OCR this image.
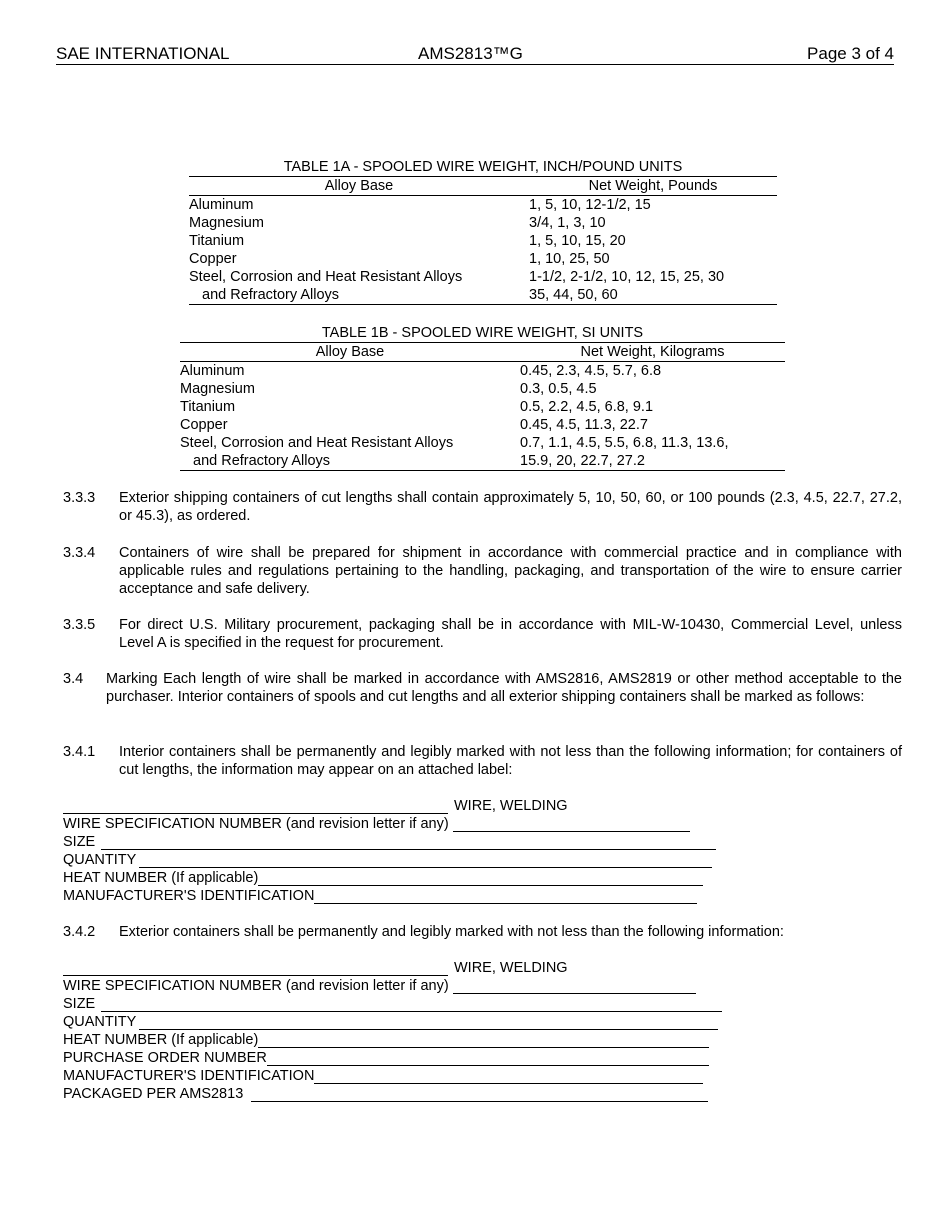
SAE INTERNATIONAL	AMS2813™G	Page 3 of 4
TABLE 1A - SPOOLED WIRE WEIGHT, INCH/POUND UNITS
Alloy Base	Net Weight, Pounds
Aluminum	1, 5, 10, 12-1/2, 15
Magnesium	3/4, 1, 3, 10
Titanium	1, 5, 10, 15, 20
Copper	1, 10, 25, 50
Steel, Corrosion and Heat Resistant Alloys	1-1/2, 2-1/2, 10, 12, 15, 25, 30
and Refractory Alloys	35, 44, 50, 60
TABLE 1B - SPOOLED WIRE WEIGHT, SI UNITS
Alloy Base	Net Weight, Kilograms
Aluminum	0.45, 2.3, 4.5, 5.7, 6.8
Magnesium	0.3, 0.5, 4.5
Titanium	0.5, 2.2, 4.5, 6.8, 9.1
Copper	0.45, 4.5, 11.3, 22.7
Steel, Corrosion and Heat Resistant Alloys	0.7, 1.1, 4.5, 5.5, 6.8, 11.3, 13.6,
and Refractory Alloys	15.9, 20, 22.7, 27.2
3.3.3	Exterior shipping containers of cut lengths shall contain approximately 5, 10, 50, 60, or 100 pounds (2.3, 4.5, 22.7, 27.2, or 45.3), as ordered.
3.3.4	Containers of wire shall be prepared for shipment in accordance with commercial practice and in compliance with applicable rules and regulations pertaining to the handling, packaging, and transportation of the wire to ensure carrier acceptance and safe delivery.
3.3.5	For direct U.S. Military procurement, packaging shall be in accordance with MIL-W-10430, Commercial Level, unless Level A is specified in the request for procurement.
3.4	Marking Each length of wire shall be marked in accordance with AMS2816, AMS2819 or other method acceptable to the purchaser. Interior containers of spools and cut lengths and all exterior shipping containers shall be marked as follows:
3.4.1	Interior containers shall be permanently and legibly marked with not less than the following information; for containers of cut lengths, the information may appear on an attached label:
WIRE, WELDING
WIRE SPECIFICATION NUMBER (and revision letter if any)
SIZE
QUANTITY
HEAT NUMBER (If applicable)
MANUFACTURER'S IDENTIFICATION
3.4.2	Exterior containers shall be permanently and legibly marked with not less than the following information:
WIRE, WELDING
WIRE SPECIFICATION NUMBER (and revision letter if any)
SIZE
QUANTITY
HEAT NUMBER (If applicable)
PURCHASE ORDER NUMBER
MANUFACTURER'S IDENTIFICATION
PACKAGED PER AMS2813
